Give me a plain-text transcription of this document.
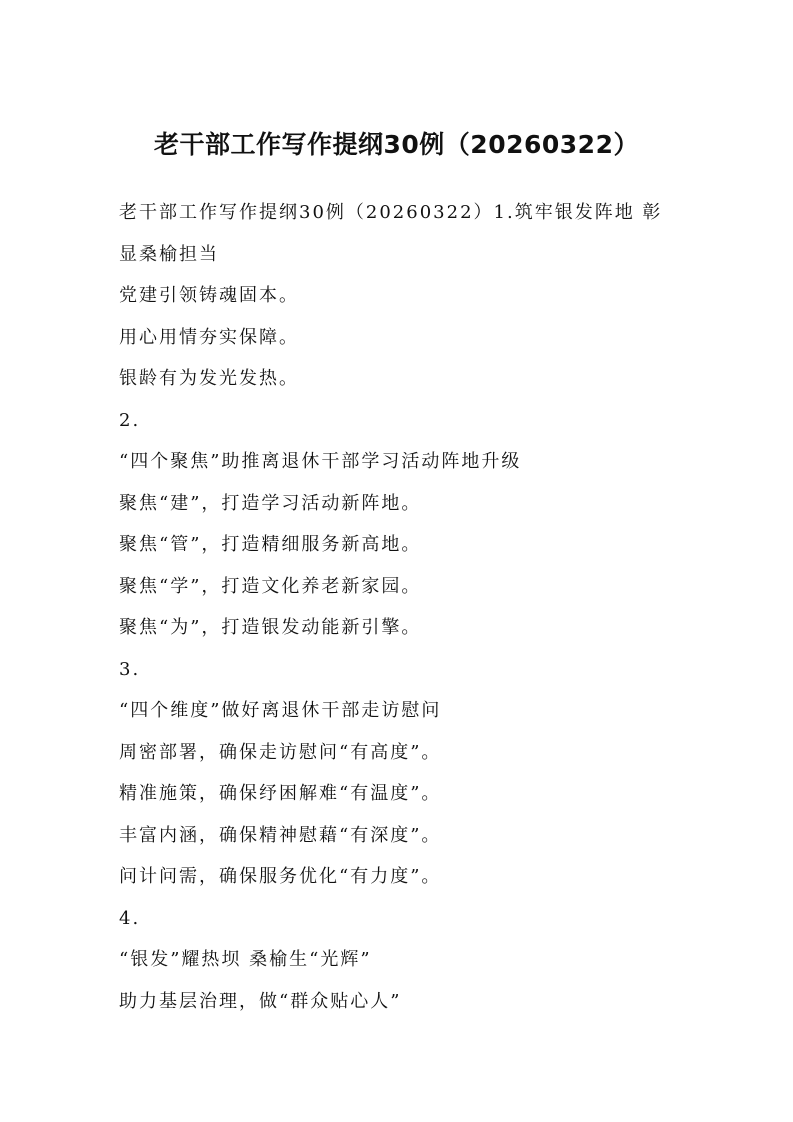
老干部工作写作提纲30例（20260322）
老干部工作写作提纲30例（20260322）1.筑牢银发阵地 彰
显桑榆担当
党建引领铸魂固本。
用心用情夯实保障。
银龄有为发光发热。
2.
“四个聚焦”助推离退休干部学习活动阵地升级
聚焦“建”，打造学习活动新阵地。
聚焦“管”，打造精细服务新高地。
聚焦“学”，打造文化养老新家园。
聚焦“为”，打造银发动能新引擎。
3.
“四个维度”做好离退休干部走访慰问
周密部署，确保走访慰问“有高度”。
精准施策，确保纾困解难“有温度”。
丰富内涵，确保精神慰藉“有深度”。
问计问需，确保服务优化“有力度”。
4.
“银发”耀热坝 桑榆生“光辉”
助力基层治理，做“群众贴心人”
